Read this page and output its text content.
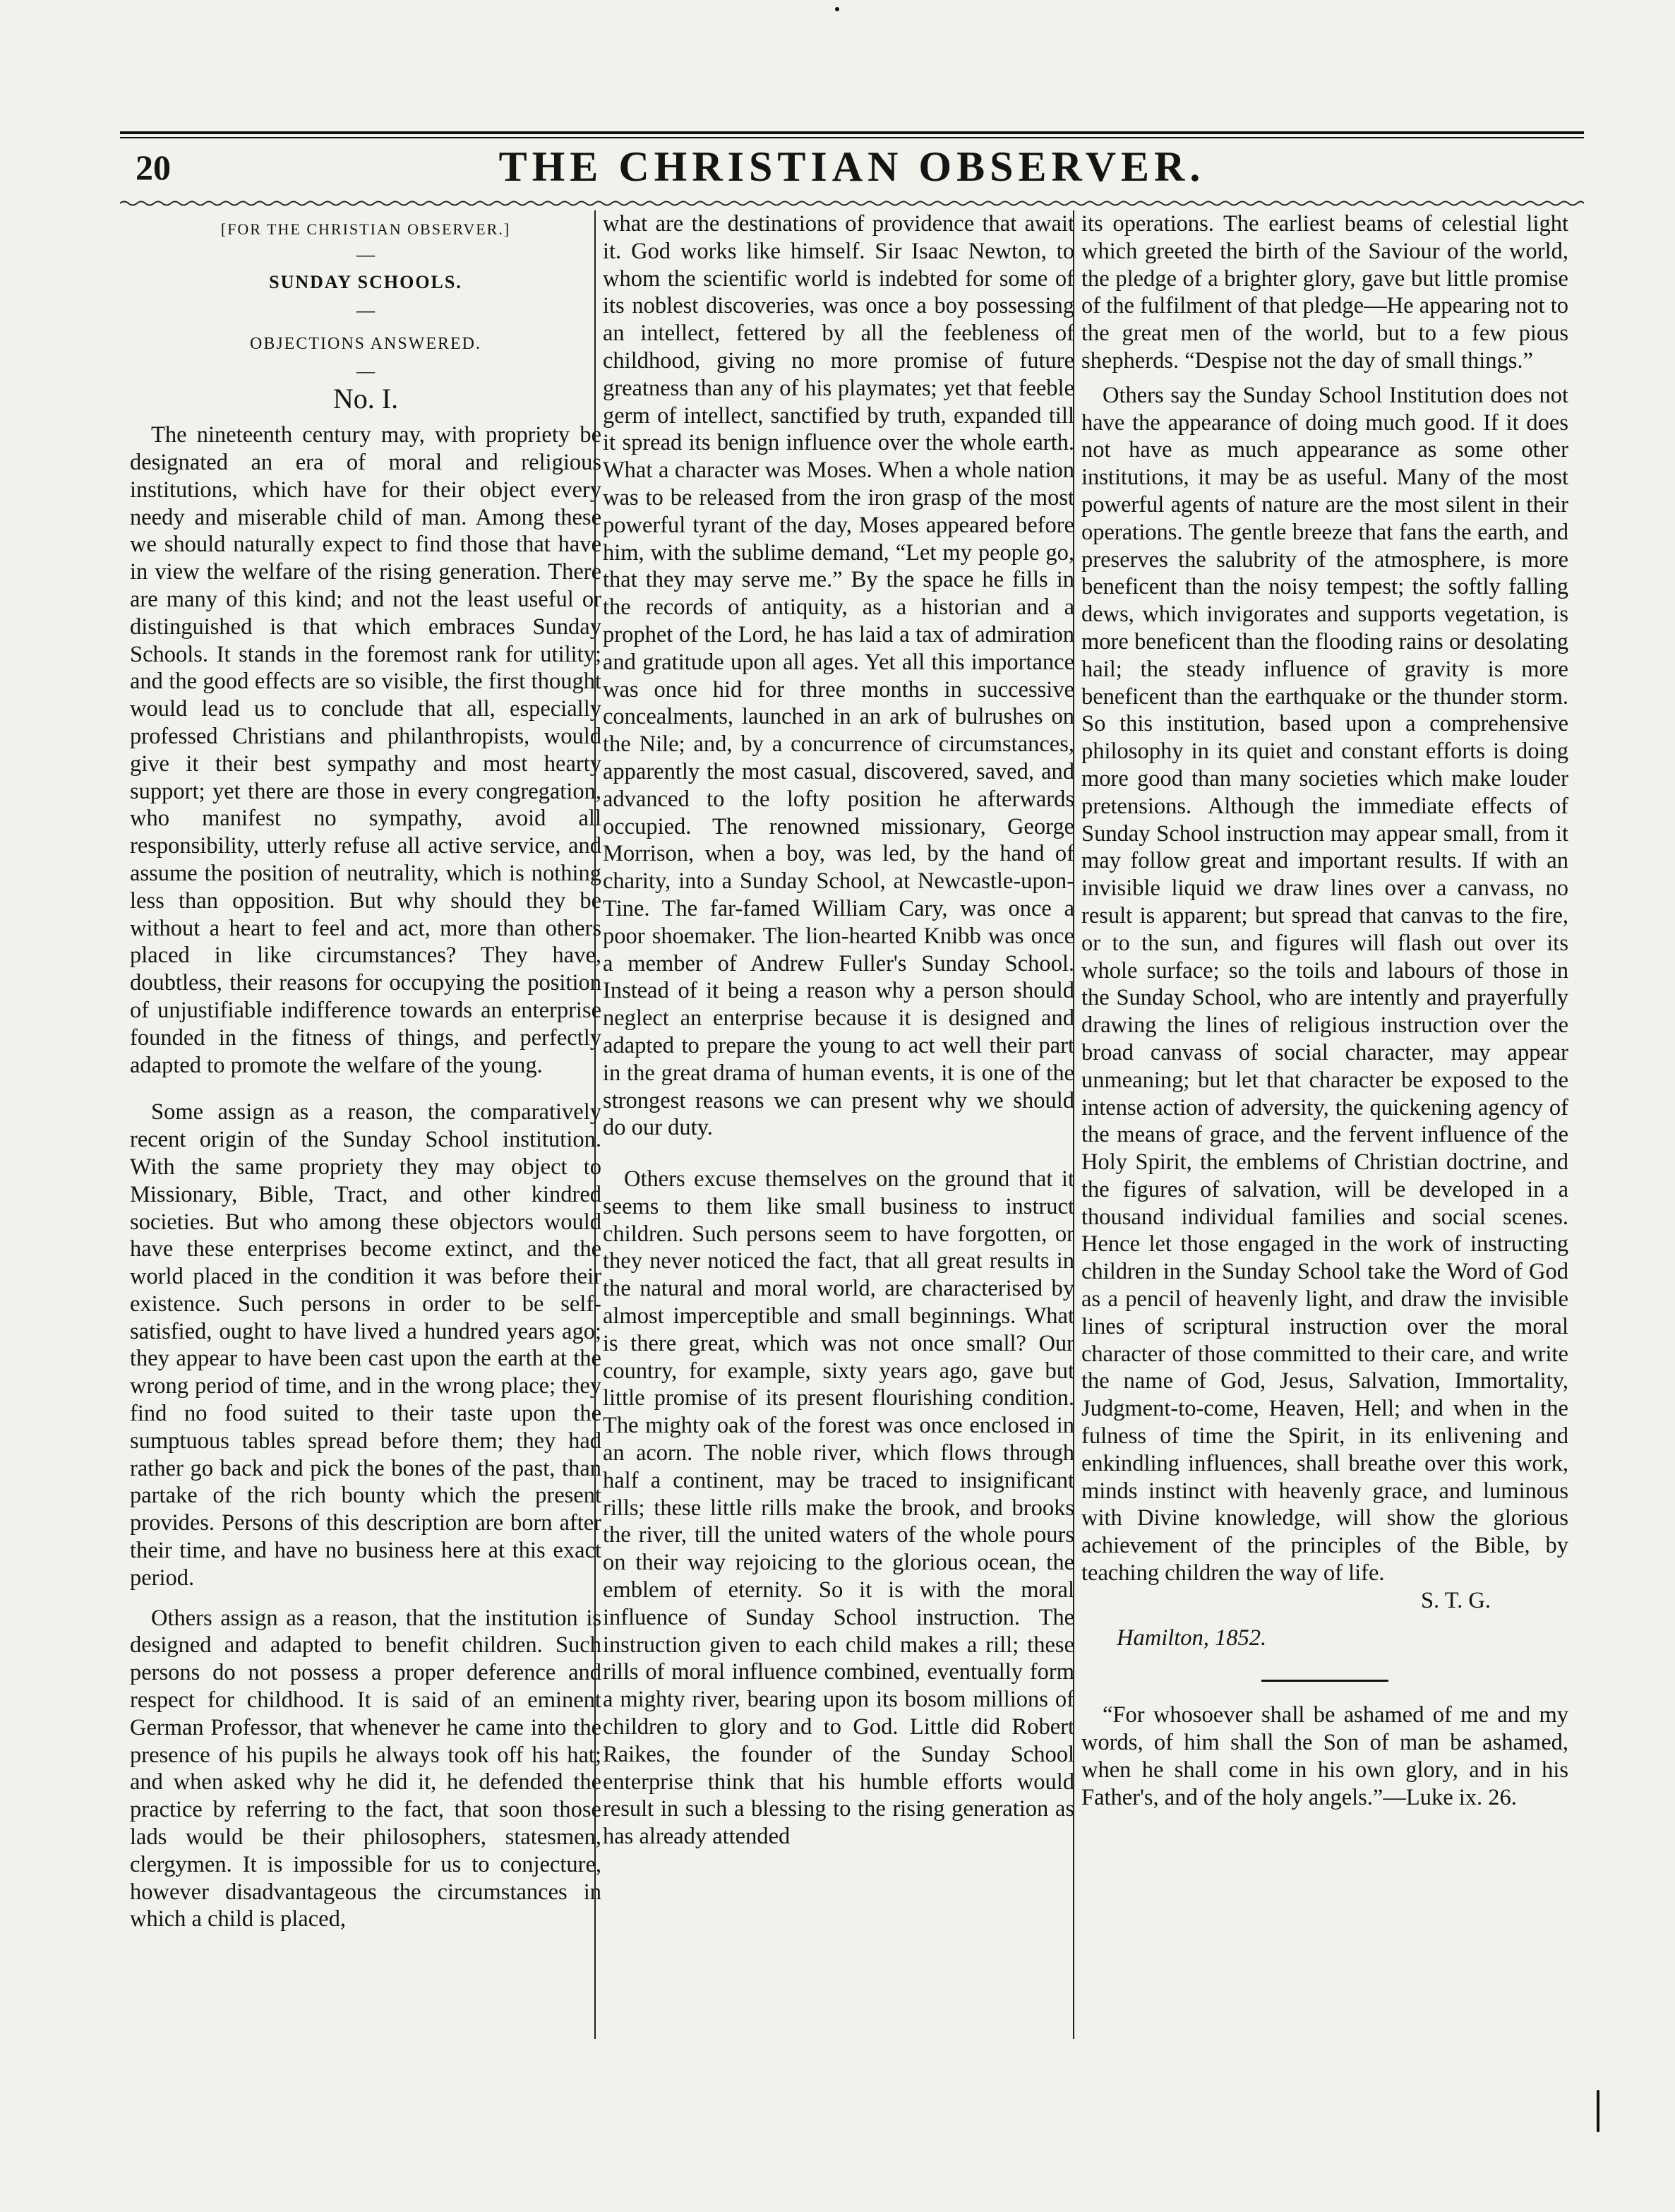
20	THE CHRISTIAN OBSERVER.

[FOR THE CHRISTIAN OBSERVER.]

—

SUNDAY SCHOOLS.

—

OBJECTIONS ANSWERED.

—

No. I.

The nineteenth century may, with propriety be designated an era of moral and religious institutions, which have for their object every needy and miserable child of man. Among these we should naturally expect to find those that have in view the welfare of the rising generation. There are many of this kind; and not the least useful or distinguished is that which embraces Sunday Schools. It stands in the foremost rank for utility; and the good effects are so visible, the first thought would lead us to conclude that all, especially professed Christians and philanthropists, would give it their best sympathy and most hearty support; yet there are those in every congregation, who manifest no sympathy, avoid all responsibility, utterly refuse all active service, and assume the position of neutrality, which is nothing less than opposition. But why should they be without a heart to feel and act, more than others placed in like circumstances? They have, doubtless, their reasons for occupying the position of unjustifiable indifference towards an enterprise founded in the fitness of things, and perfectly adapted to promote the welfare of the young.

Some assign as a reason, the comparatively recent origin of the Sunday School institution. With the same propriety they may object to Missionary, Bible, Tract, and other kindred societies. But who among these objectors would have these enterprises become extinct, and the world placed in the condition it was before their existence. Such persons in order to be self-satisfied, ought to have lived a hundred years ago; they appear to have been cast upon the earth at the wrong period of time, and in the wrong place; they find no food suited to their taste upon the sumptuous tables spread before them; they had rather go back and pick the bones of the past, than partake of the rich bounty which the present provides. Persons of this description are born after their time, and have no business here at this exact period.

Others assign as a reason, that the institution is designed and adapted to benefit children. Such persons do not possess a proper deference and respect for childhood. It is said of an eminent German Professor, that whenever he came into the presence of his pupils he always took off his hat; and when asked why he did it, he defended the practice by referring to the fact, that soon those lads would be their philosophers, statesmen, clergymen. It is impossible for us to conjecture, however disadvantageous the circumstances in which a child is placed,

what are the destinations of providence that await it. God works like himself. Sir Isaac Newton, to whom the scientific world is indebted for some of its noblest discoveries, was once a boy possessing an intellect, fettered by all the feebleness of childhood, giving no more promise of future greatness than any of his playmates; yet that feeble germ of intellect, sanctified by truth, expanded till it spread its benign influence over the whole earth. What a character was Moses. When a whole nation was to be released from the iron grasp of the most powerful tyrant of the day, Moses appeared before him, with the sublime demand, “Let my people go, that they may serve me.” By the space he fills in the records of antiquity, as a historian and a prophet of the Lord, he has laid a tax of admiration and gratitude upon all ages. Yet all this importance was once hid for three months in successive concealments, launched in an ark of bulrushes on the Nile; and, by a concurrence of circumstances, apparently the most casual, discovered, saved, and advanced to the lofty position he afterwards occupied. The renowned missionary, George Morrison, when a boy, was led, by the hand of charity, into a Sunday School, at Newcastle-upon-Tine. The far-famed William Cary, was once a poor shoemaker. The lion-hearted Knibb was once a member of Andrew Fuller's Sunday School. Instead of it being a reason why a person should neglect an enterprise because it is designed and adapted to prepare the young to act well their part in the great drama of human events, it is one of the strongest reasons we can present why we should do our duty.

Others excuse themselves on the ground that it seems to them like small business to instruct children. Such persons seem to have forgotten, or they never noticed the fact, that all great results in the natural and moral world, are characterised by almost imperceptible and small beginnings. What is there great, which was not once small? Our country, for example, sixty years ago, gave but little promise of its present flourishing condition. The mighty oak of the forest was once enclosed in an acorn. The noble river, which flows through half a continent, may be traced to insignificant rills; these little rills make the brook, and brooks the river, till the united waters of the whole pours on their way rejoicing to the glorious ocean, the emblem of eternity. So it is with the moral influence of Sunday School instruction. The instruction given to each child makes a rill; these rills of moral influence combined, eventually form a mighty river, bearing upon its bosom millions of children to glory and to God. Little did Robert Raikes, the founder of the Sunday School enterprise think that his humble efforts would result in such a blessing to the rising generation as has already attended

its operations. The earliest beams of celestial light which greeted the birth of the Saviour of the world, the pledge of a brighter glory, gave but little promise of the fulfilment of that pledge—He appearing not to the great men of the world, but to a few pious shepherds. “Despise not the day of small things.”

Others say the Sunday School Institution does not have the appearance of doing much good. If it does not have as much appearance as some other institutions, it may be as useful. Many of the most powerful agents of nature are the most silent in their operations. The gentle breeze that fans the earth, and preserves the salubrity of the atmosphere, is more beneficent than the noisy tempest; the softly falling dews, which invigorates and supports vegetation, is more beneficent than the flooding rains or desolating hail; the steady influence of gravity is more beneficent than the earthquake or the thunder storm. So this institution, based upon a comprehensive philosophy in its quiet and constant efforts is doing more good than many societies which make louder pretensions. Although the immediate effects of Sunday School instruction may appear small, from it may follow great and important results. If with an invisible liquid we draw lines over a canvass, no result is apparent; but spread that canvas to the fire, or to the sun, and figures will flash out over its whole surface; so the toils and labours of those in the Sunday School, who are intently and prayerfully drawing the lines of religious instruction over the broad canvass of social character, may appear unmeaning; but let that character be exposed to the intense action of adversity, the quickening agency of the means of grace, and the fervent influence of the Holy Spirit, the emblems of Christian doctrine, and the figures of salvation, will be developed in a thousand individual families and social scenes. Hence let those engaged in the work of instructing children in the Sunday School take the Word of God as a pencil of heavenly light, and draw the invisible lines of scriptural instruction over the moral character of those committed to their care, and write the name of God, Jesus, Salvation, Immortality, Judgment-to-come, Heaven, Hell; and when in the fulness of time the Spirit, in its enlivening and enkindling influences, shall breathe over this work, minds instinct with heavenly grace, and luminous with Divine knowledge, will show the glorious achievement of the principles of the Bible, by teaching children the way of life.

S. T. G.

Hamilton, 1852.

“For whosoever shall be ashamed of me and my words, of him shall the Son of man be ashamed, when he shall come in his own glory, and in his Father's, and of the holy angels.”—Luke ix. 26.
